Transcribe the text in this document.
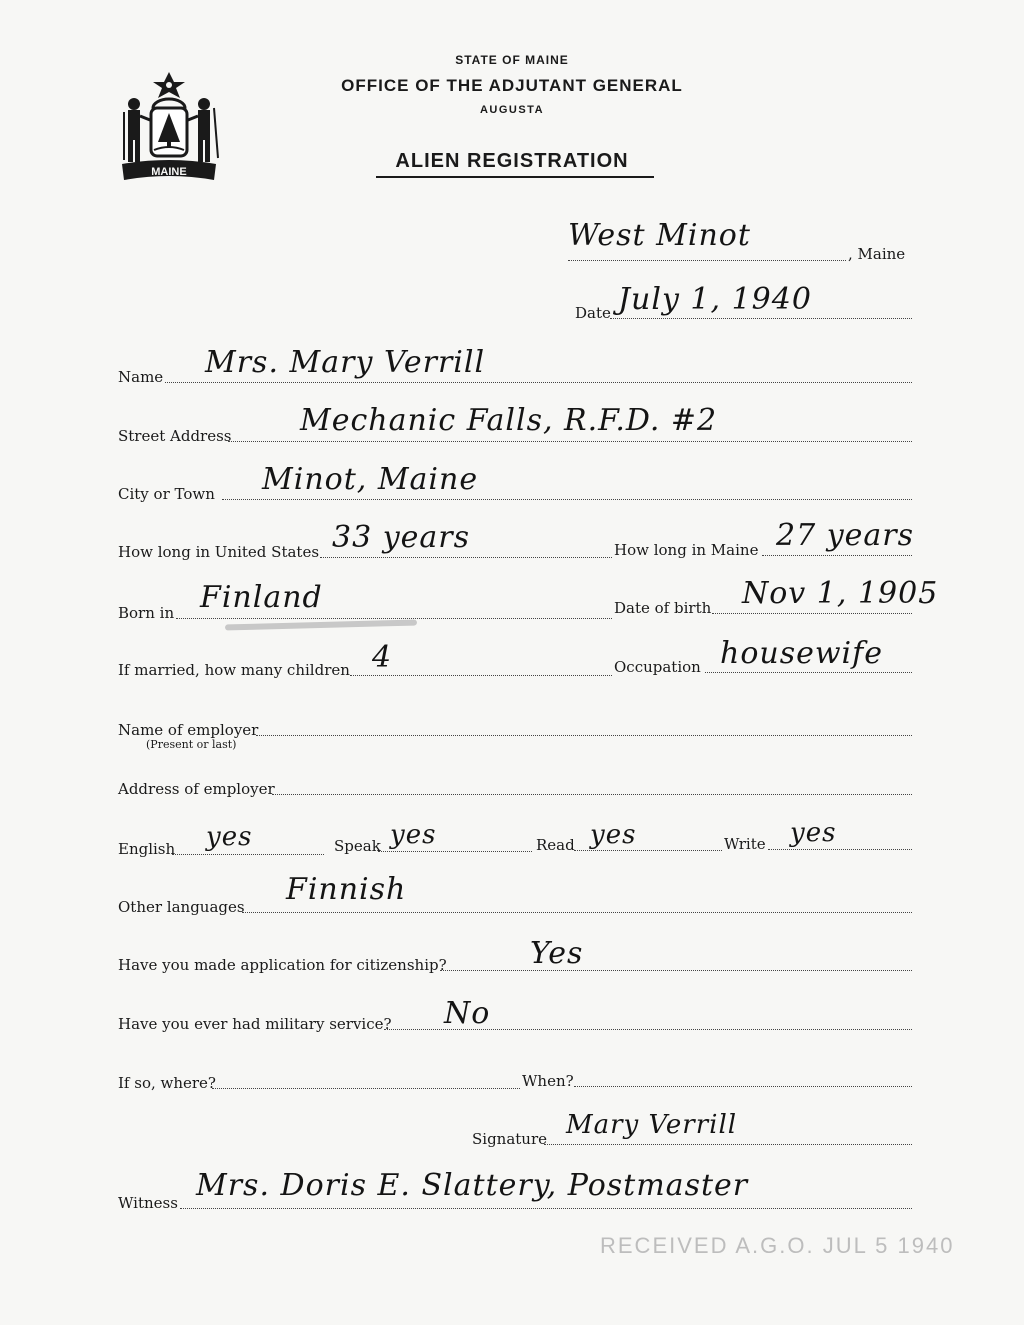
MAINE
STATE OF MAINE
OFFICE OF THE ADJUTANT GENERAL
AUGUSTA
ALIEN REGISTRATION
West Minot
, Maine
Date July 1, 1940
Name Mrs. Mary Verrill
Street Address Mechanic Falls, R.F.D. #2
City or Town Minot, Maine
How long in United States 33 years	How long in Maine 27 years
Born in Finland	Date of birth Nov 1, 1905
If married, how many children 4	Occupation housewife
Name of employer
(Present or last)
Address of employer
English yes	Speak yes	Read yes	Write yes
Other languages Finnish
Have you made application for citizenship?	Yes
Have you ever had military service? No
If so, where?	When?
Signature Mary Verrill
Witness Mrs. Doris E. Slattery, Postmaster
RECEIVED A.G.O. JUL 5 1940
